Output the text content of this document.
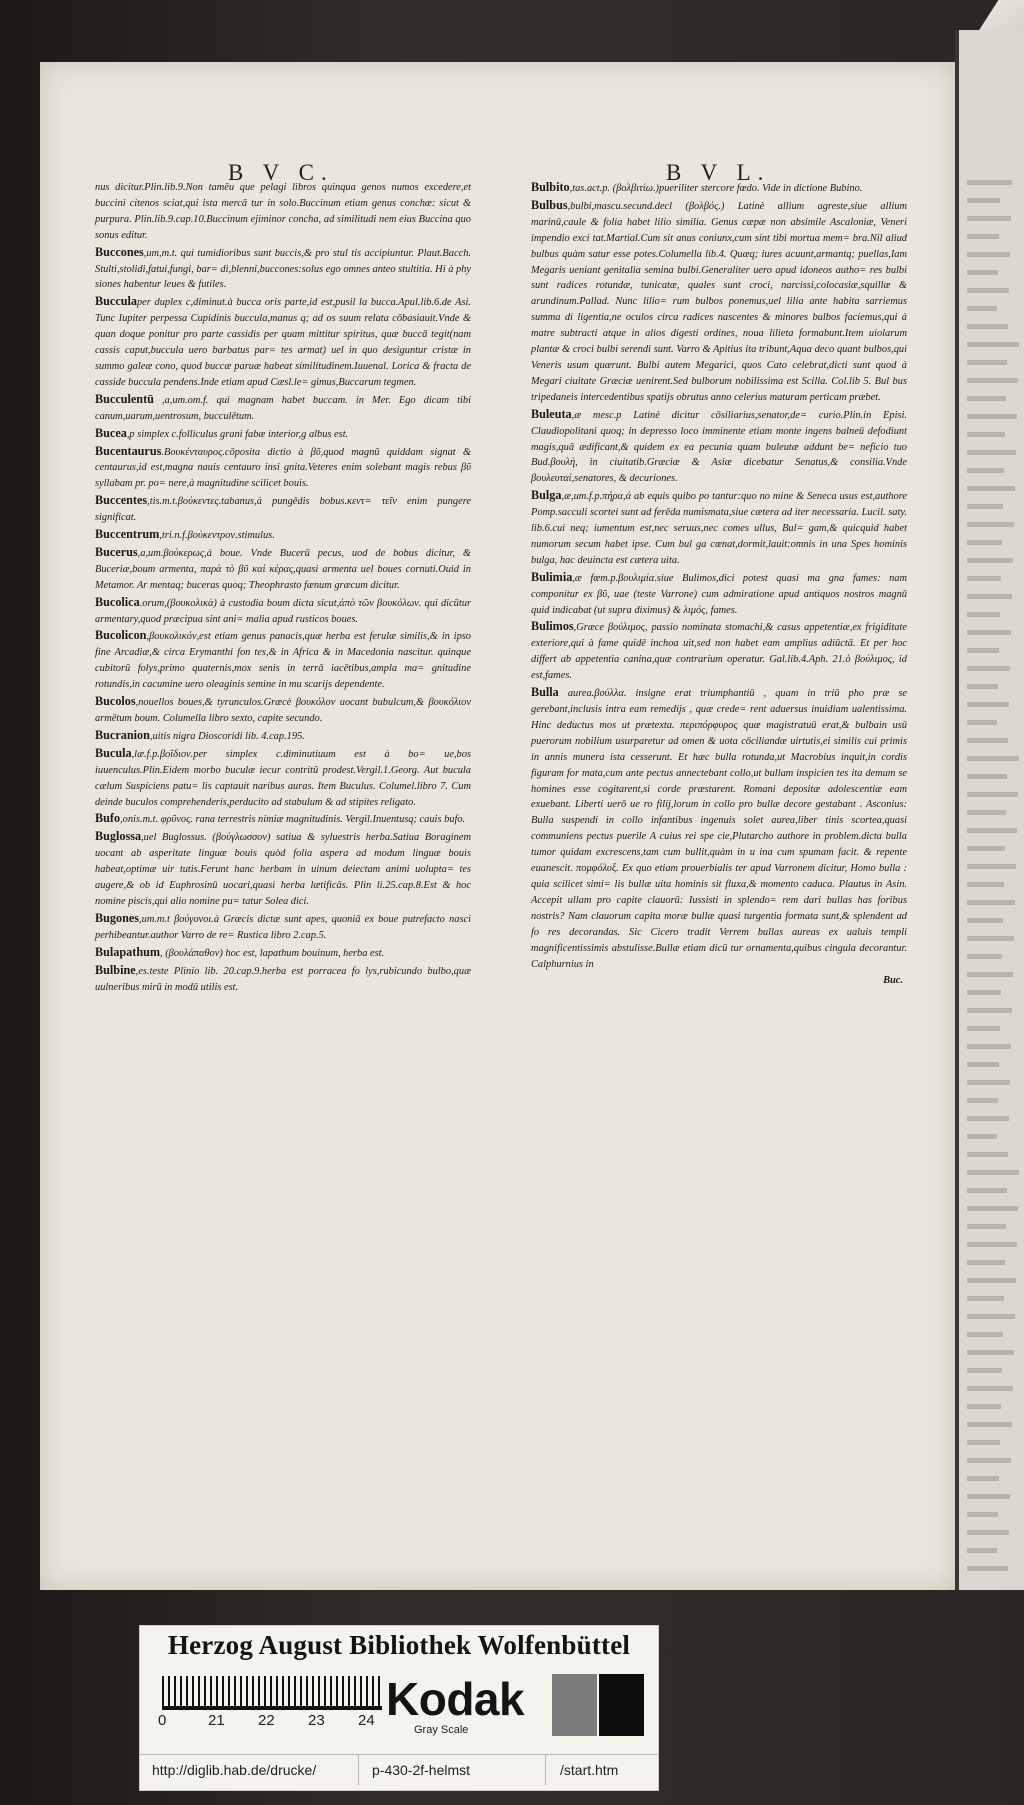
B V C.	B V L.
nus dicitur.Plin.lib.9.Non tamēu que pelagi libros quinqua genos numos excedere,et buccini citenos sciat,qui ista mercā tur in solo.Buccinum etiam genus conchæ: sicut & purpura. Plin.lib.9.cap.10.Buccinum ejiminor concha, ad similitudi nem eius Buccina quo sonus editur.
Buccones,um,m.t. qui tumidioribus sunt buccis,& pro stul tis accipiuntur. Plaut.Bacch. Stulti,stolidi,fatui,fungi, bar= di,blenni,buccones:solus ego omnes anteo stultitia. Hi à phy siones habentur leues & futiles.
Bucculaper duplex c,diminut.à bucca oris parte,id est,pusil la bucca.Apul.lib.6.de Asi. Tunc Iupiter perpessa Cupidinis buccula,manus q; ad os suum relata cōbasiauit.Vnde & quan doque ponitur pro parte cassidis per quam mittitur spiritus, quæ buccā tegit(nam cassis caput,buccula uero barbatus par= tes armat) uel in quo desiguntur cristæ in summo galeæ cono, quod buccæ paruæ habeat similitudinem.Iuuenal. Lorica & fracta de casside buccula pendens.Inde etiam apud Cæsl.le= gimus,Buccarum tegmen.
Bucculentū ,a,um.om.f. qui magnam habet buccam. in Mer. Ego dicam tibi canum,uarum,uentrosum, bucculētum.
Bucea,p simplex c.folliculus grani fabæ interior,g albus est.
Bucentaurus.Βουκένταυρος.cōposita dictio à βῦ,quod magnū quiddam signat & centaurus,id est,magna nauis centauro insi gnita.Veteres enim solebant magis rebus βῦ syllabam pr. po= nere,à magnitudine scilicet bouis.
Buccentes,tis.m.t.βούκεντες.tabanus,à pungēdis bobus.κεντ= τεῖν enim pungere significat.
Buccentrum,tri.n.f.βούκεντρον.stimulus.
Bucerus,a,um.βούκερως,à boue. Vnde Bucerū pecus, uod de bobus dicitur, & Buceriæ,boum armenta, παρὰ τὸ βῦ καὶ κέρας,quasi armenta uel boues cornuti.Ouid in Metamor. Ar mentaq; buceras quoq; Theophrasto fænum græcum dicitur.
Bucolica.orum,(βουκολικὰ) à custodia boum dicta sicut,ἀπὸ τῶν βουκόλων. qui dicūtur armentary,quod præcipua sint ani= malia apud rusticos boues.
Bucolicon,βουκολικόν,est etiam genus panacis,quæ herba est ferulæ similis,& in ipso fine Arcadiæ,& circa Erymanthi fon tes,& in Africa & in Macedonia nascitur. quinque cubitorū folys,primo quaternis,mox senis in terrā iacētibus,ampla ma= gnitudine rotundis,in cacumine uero oleaginis semine in mu scarijs dependente.
Bucolos,nouellos boues,& tyrunculos.Græcè βουκόλον uocant bubulcum,& βουκόλιον armētum boum. Columella libro sexto, capite secundo.
Bucranion,uitis nigra Dioscoridi lib. 4.cap.195.
Bucula,læ.f.p.βοΐδιον.per simplex c.diminutiuum est à bo= ue,bos iuuenculus.Plin.Eidem morbo buculæ iecur contritū prodest.Vergil.1.Georg. Aut bucula cælum Suspiciens patu= lis captauit naribus auras. Item Buculus. Columel.libro 7. Cum deinde buculos comprehenderis,perducito ad stabulum & ad stipites religato.
Bufo,onis.m.t. φρῦνος. rana terrestris nimiæ magnitudinis. Vergil.Inuentusq; cauis bufo.
Buglossa,uel Buglossus. (βούγλωσσον) satiua & syluestris herba.Satiua Boraginem uocant ab asperitate linguæ bouis quòd folia aspera ad modum linguæ bouis habeat,optimæ uir tutis.Ferunt hanc herbam in uinum deiectam animi uolupta= tes augere,& ob id Euphrosinū uocari,quasi herba lætificās. Plin li.25.cap.8.Est & hoc nomine piscis,qui alio nomine pu= tatur Solea dici.
Bugones,um.m.t βούγονοι.à Græcis dictæ sunt apes, quoniā ex boue putrefacto nasci perhibeantur.author Varro de re= Rustica libro 2.cap.5.
Bulapathum, (βουλάπαθον) hoc est, lapathum bouinum, herba est.
Bulbine,es.teste Plinio lib. 20.cap.9.herba est porracea fo lys,rubicundo bulbo,quæ uulneribus mirū in modū utilis est.
Bulbito,tas.act.p. (βολβιτίω.)pueriliter stercore fœdo. Vide in dictione Bubino.
Bulbus,bulbi,mascu.secund.decl (βολβός.) Latinè allium agreste,siue allium marinū,caule & folia habet lilio similia. Genus cæpæ non absimile Ascaloniæ, Veneri impendio exci tat.Martial.Cum sit anus coniunx,cum sint tibi mortua mem= bra.Nil aliud bulbus quàm satur esse potes.Columella lib.4. Quæq; iures acuunt,armantq; puellas,Iam Megaris ueniant genitalia semina bulbi.Generaliter uero apud idoneos autho= res bulbi sunt radices rotundæ, tunicatæ, quales sunt croci, narcissi,colocasiæ,squillæ & arundinum.Pallad. Nunc lilio= rum bulbos ponemus,uel lilia ante habita sarriemus summa di ligentia,ne oculos circa radices nascentes & minores bulbos faciemus,qui à matre subtracti atque in alios digesti ordines, noua lilieta formabunt.Item uiolarum plantæ & croci bulbi serendi sunt. Varro & Apitius ita tribunt,Aqua deco quant bulbos,qui Veneris usum quærunt. Bulbi autem Megarici, quos Cato celebrat,dicti sunt quod à Megari ciuitate Græciæ uenirent.Sed bulborum nobilissima est Scilla. Col.lib 5. Bul bus tripedaneis intercedentibus spatijs obrutus anno celerius maturam perticam præbet.
Buleuta,æ mesc.p Latinè dicitur cōsiliarius,senator,de= curio.Plin.in Episi. Claudiopolitani quoq; in depresso loco imminente etiam monte ingens balneū defodiunt magis,quā ædificant,& quidem ex ea pecunia quam buleutæ addunt be= neficio tuo Bud.βουλὴ, in ciuitatib.Græciæ & Asiæ dicebatur Senatus,& consilia.Vnde βουλευταί,senatores, & decuriones.
Bulga,æ,um.f.p.πήρα,ἀ ab equis quibo po tantur:quo no mine & Seneca usus est,authore Pomp.sacculi scortei sunt ad ferēda numismata,siue cætera ad iter necessaria. Lucil. saty. lib.6.cui neq; iumentum est,nec seruus,nec comes ullus, Bul= gam,& quicquid habet numorum secum habet ipse. Cum bul ga cœnat,dormit,lauit:omnis in una Spes hominis bulga, hac deuincta est cætera uita.
Bulimia,æ fœm.p.βουλιμία.siue Bulimos,dici potest quasi ma gna fames: nam componitur ex βῦ, uae (teste Varrone) cum admiratione apud antiquos nostros magnū quid indicabat (ut supra diximus) & λιμός, fames.
Bulimos,Græce βούλιμος, passio nominata stomachi,& casus appetentiæ,ex frigiditate exteriore,qui à fame quidē inchoa uit,sed non habet eam amplius adiūctā. Et per hoc differt ab appetentia canina,quæ contrarium operatur. Gal.lib.4.Aph. 21.ὁ βούλιμος, id est,fames.
Bulla aurea.βούλλα. insigne erat triumphantiū , quam in triū pho præ se gerebant,inclusis intra eam remedijs , quæ crede= rent aduersus inuidiam ualentissima. Hinc deductus mos ut prætexta. περιπόρφυρος quæ magistratuū erat,& bulbain usū puerorum nobilium usurparetur ad omen & uota cōciliandæ uirtutis,ei similis cui primis in annis munera ista cesserunt. Et hæc bulla rotunda,ut Macrobius inquit,in cordis figuram for mata,cum ante pectus annectebant collo,ut bullam inspicien tes ita demum se homines esse cogitarent,si corde præstarent. Romani depositæ adolescentiæ eam exuebant. Liberti uerō ue ro filij,lorum in collo pro bullæ decore gestabant . Asconius: Bulla suspendi in collo infantibus ingenuis solet aurea,liber tinis scortea,quasi communiens pectus puerile A cuius rei spe cie,Plutarcho authore in problem.dicta bulla tumor quidam excrescens,tam cum bullit,quàm in u ina cum spumam facit. & repente euanescit. πομφόλυξ. Ex quo etiam prouerbialis ter apud Varronem dicitur, Homo bulla : quia scilicet simi= lis bullæ uita hominis sit fluxa,& momento caduca. Plautus in Asin. Accepit ullam pro capite clauorū: Iussisti in splendo= rem dari bullas has foribus nostris? Nam clauorum capita moræ bullæ quasi turgentia formata sunt,& splendent ad fo res decorandas. Sic Cicero tradit Verrem bullas aureas ex ualuis templi magnificentissimis abstulisse.Bullæ etiam dicū tur ornamenta,quibus cingula decorantur. Calphurnius in
Buc.
Herzog August Bibliothek Wolfenbüttel
0	21	22	23	24 Kodak
Gray Scale
http://diglib.hab.de/drucke/	p-430-2f-helmst	/start.htm
